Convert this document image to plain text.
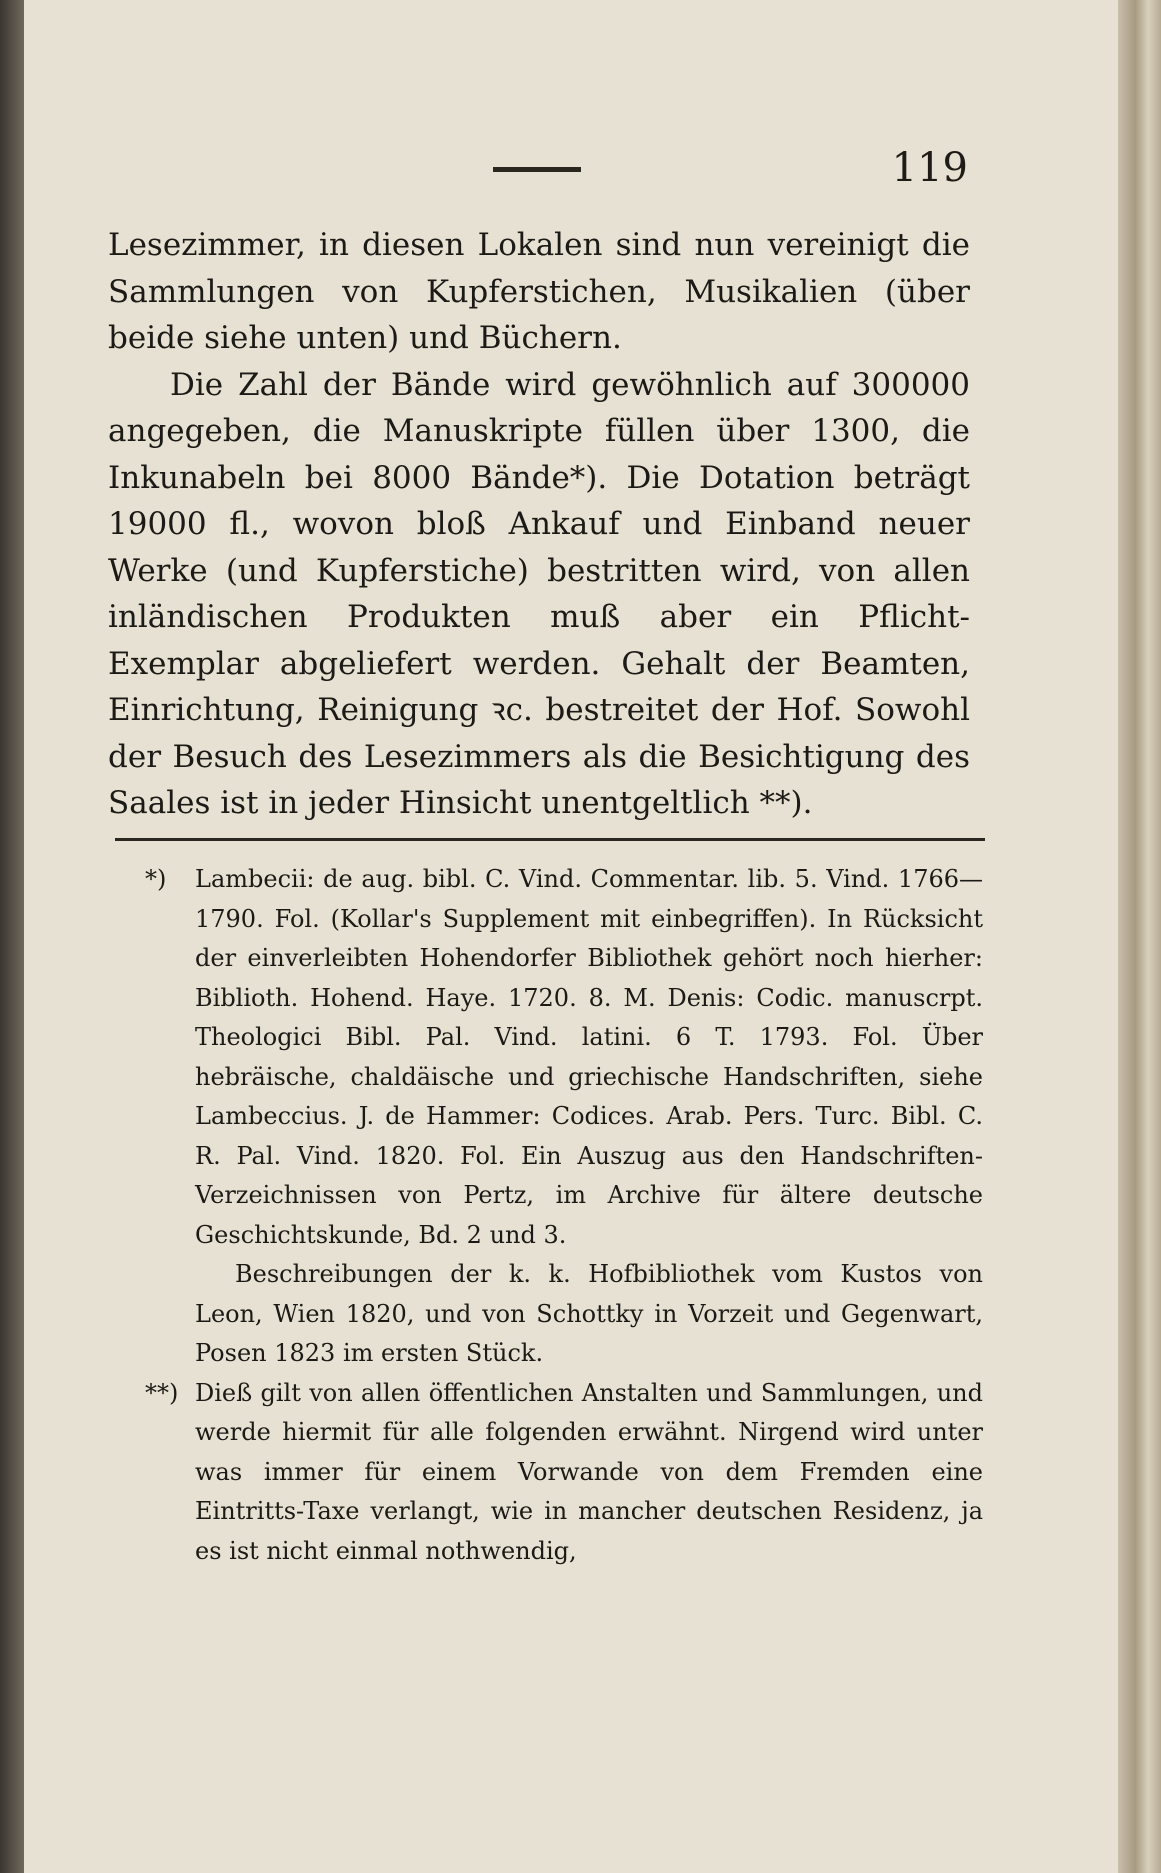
119

Lesezimmer, in diesen Lokalen sind nun vereinigt die Sammlungen von Kupferstichen, Musikalien (über beide siehe unten) und Büchern.

Die Zahl der Bände wird gewöhnlich auf 300000 angegeben, die Manuskripte füllen über 1300, die Inkunabeln bei 8000 Bände*). Die Dotation beträgt 19000 fl., wovon bloß Ankauf und Einband neuer Werke (und Kupferstiche) bestritten wird, von allen inländischen Produkten muß aber ein Pflicht-Exemplar abgeliefert werden. Gehalt der Beamten, Einrichtung, Reinigung ꝛc. bestreitet der Hof. Sowohl der Besuch des Lesezimmers als die Besichtigung des Saales ist in jeder Hinsicht unentgeltlich **).

*) Lambecii: de aug. bibl. C. Vind. Commentar. lib. 5. Vind. 1766—1790. Fol. (Kollar's Supplement mit einbegriffen). In Rücksicht der einverleibten Hohendorfer Bibliothek gehört noch hierher: Biblioth. Hohend. Haye. 1720. 8. M. Denis: Codic. manuscrpt. Theologici Bibl. Pal. Vind. latini. 6 T. 1793. Fol. Über hebräische, chaldäische und griechische Handschriften, siehe Lambeccius. J. de Hammer: Codices. Arab. Pers. Turc. Bibl. C. R. Pal. Vind. 1820. Fol. Ein Auszug aus den Handschriften-Verzeichnissen von Pertz, im Archive für ältere deutsche Geschichtskunde, Bd. 2 und 3.
Beschreibungen der k. k. Hofbibliothek vom Kustos von Leon, Wien 1820, und von Schottky in Vorzeit und Gegenwart, Posen 1823 im ersten Stück.

**) Dieß gilt von allen öffentlichen Anstalten und Sammlungen, und werde hiermit für alle folgenden erwähnt. Nirgend wird unter was immer für einem Vorwande von dem Fremden eine Eintritts-Taxe verlangt, wie in mancher deutschen Residenz, ja es ist nicht einmal nothwendig,
